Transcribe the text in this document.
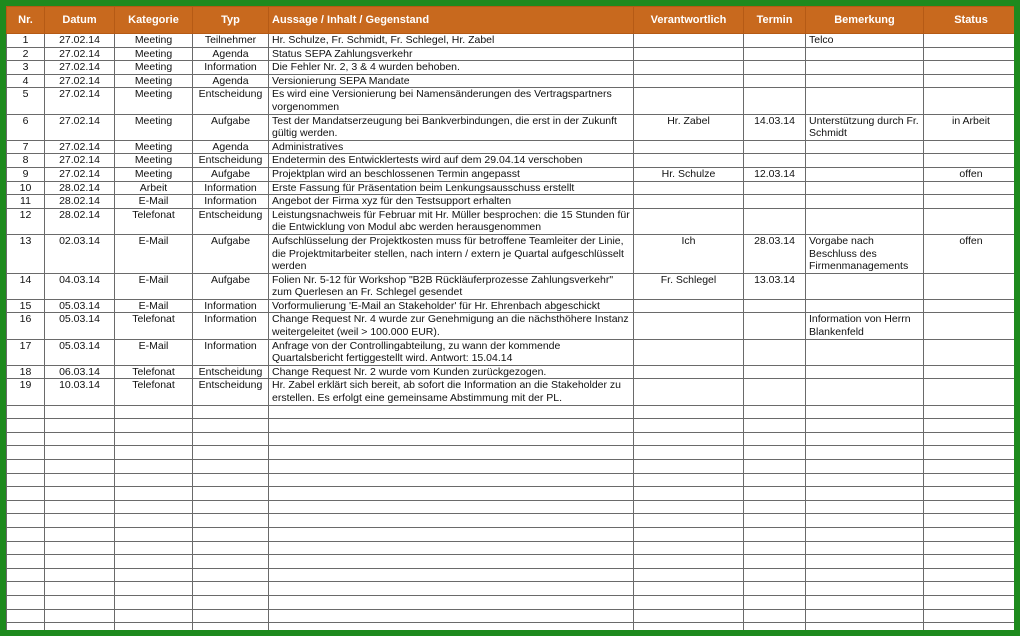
Nr.	Datum	Kategorie	Typ	Aussage / Inhalt / Gegenstand	Verantwortlich	Termin	Bemerkung	Status
1	27.02.14	Meeting	Teilnehmer	Hr. Schulze, Fr. Schmidt, Fr. Schlegel, Hr. Zabel			Telco	
2	27.02.14	Meeting	Agenda	Status SEPA Zahlungsverkehr				
3	27.02.14	Meeting	Information	Die Fehler Nr. 2, 3 & 4 wurden behoben.				
4	27.02.14	Meeting	Agenda	Versionierung SEPA Mandate				
5	27.02.14	Meeting	Entscheidung	Es wird eine Versionierung bei Namensänderungen des Vertragspartners vorgenommen				
6	27.02.14	Meeting	Aufgabe	Test der Mandatserzeugung bei Bankverbindungen, die erst in der Zukunft gültig werden.	Hr. Zabel	14.03.14	Unterstützung durch Fr. Schmidt	in Arbeit
7	27.02.14	Meeting	Agenda	Administratives				
8	27.02.14	Meeting	Entscheidung	Endetermin des Entwicklertests wird auf dem 29.04.14 verschoben				
9	27.02.14	Meeting	Aufgabe	Projektplan wird an beschlossenen Termin angepasst	Hr. Schulze	12.03.14		offen
10	28.02.14	Arbeit	Information	Erste Fassung für Präsentation beim Lenkungsausschuss erstellt				
11	28.02.14	E-Mail	Information	Angebot der Firma xyz für den Testsupport erhalten				
12	28.02.14	Telefonat	Entscheidung	Leistungsnachweis für Februar mit Hr. Müller besprochen: die 15 Stunden für die Entwicklung von Modul abc werden herausgenommen				
13	02.03.14	E-Mail	Aufgabe	Aufschlüsselung der Projektkosten muss für betroffene Teamleiter der Linie, die Projektmitarbeiter stellen, nach intern / extern je Quartal aufgeschlüsselt werden	Ich	28.03.14	Vorgabe nach Beschluss des Firmenmanagements	offen
14	04.03.14	E-Mail	Aufgabe	Folien Nr. 5-12 für Workshop "B2B Rückläuferprozesse Zahlungsverkehr" zum Querlesen an Fr. Schlegel gesendet	Fr. Schlegel	13.03.14		
15	05.03.14	E-Mail	Information	Vorformulierung 'E-Mail an Stakeholder' für Hr. Ehrenbach abgeschickt				
16	05.03.14	Telefonat	Information	Change Request Nr. 4 wurde zur Genehmigung an die nächsthöhere Instanz weitergeleitet (weil > 100.000 EUR).			Information von Herrn Blankenfeld	
17	05.03.14	E-Mail	Information	Anfrage von der Controllingabteilung, zu wann der kommende Quartalsbericht fertiggestellt wird. Antwort: 15.04.14				
18	06.03.14	Telefonat	Entscheidung	Change Request Nr. 2 wurde vom Kunden zurückgezogen.				
19	10.03.14	Telefonat	Entscheidung	Hr. Zabel erklärt sich bereit, ab sofort die Information an die Stakeholder zu erstellen. Es erfolgt eine gemeinsame Abstimmung mit der PL.				
